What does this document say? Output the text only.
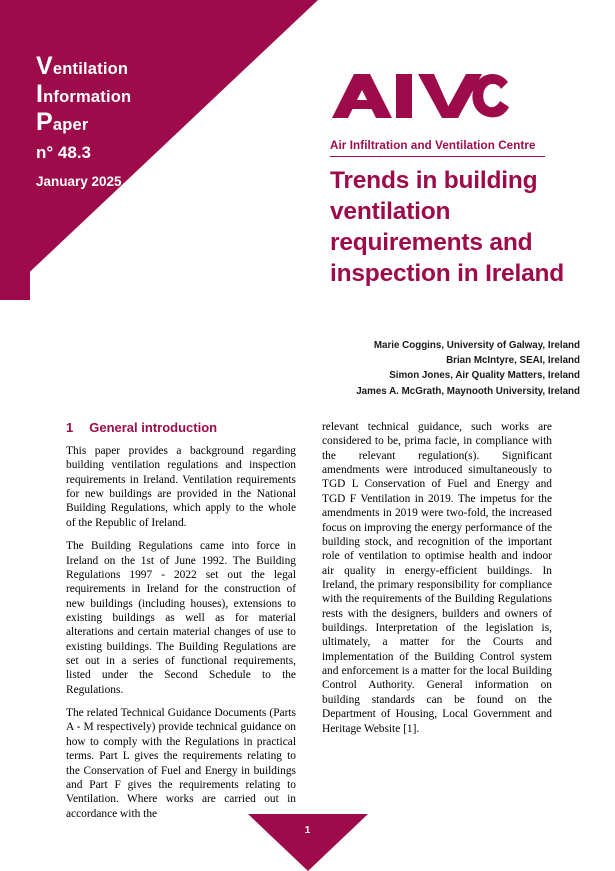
Ventilation
Information
Paper
n° 48.3
January 2025
© INIVE vzw
Operating Agent
and Management
Sint-Pietersnieuwstraat 41,
B-9000 Ghent – Belgium
www.inive.org
International Energy Agency's Energy
in Buildings and Communities
Programme
Air Infiltration and Ventilation Centre
Trends in building ventilation requirements and inspection in Ireland
Marie Coggins, University of Galway, Ireland
Brian McIntyre, SEAI, Ireland
Simon Jones, Air Quality Matters, Ireland
James A. McGrath, Maynooth University, Ireland
1 General introduction

This paper provides a background regarding building ventilation regulations and inspection requirements in Ireland. Ventilation requirements for new buildings are provided in the National Building Regulations, which apply to the whole of the Republic of Ireland.

The Building Regulations came into force in Ireland on the 1st of June 1992. The Building Regulations 1997 - 2022 set out the legal requirements in Ireland for the construction of new buildings (including houses), extensions to existing buildings as well as for material alterations and certain material changes of use to existing buildings. The Building Regulations are set out in a series of functional requirements, listed under the Second Schedule to the Regulations.

The related Technical Guidance Documents (Parts A - M respectively) provide technical guidance on how to comply with the Regulations in practical terms. Part L gives the requirements relating to the Conservation of Fuel and Energy in buildings and Part F gives the requirements relating to Ventilation. Where works are carried out in accordance with the

relevant technical guidance, such works are considered to be, prima facie, in compliance with the relevant regulation(s). Significant amendments were introduced simultaneously to TGD L Conservation of Fuel and Energy and TGD F Ventilation in 2019. The impetus for the amendments in 2019 were two-fold, the increased focus on improving the energy performance of the building stock, and recognition of the important role of ventilation to optimise health and indoor air quality in energy-efficient buildings. In Ireland, the primary responsibility for compliance with the requirements of the Building Regulations rests with the designers, builders and owners of buildings. Interpretation of the legislation is, ultimately, a matter for the Courts and implementation of the Building Control system and enforcement is a matter for the local Building Control Authority. General information on building standards can be found on the Department of Housing, Local Government and Heritage Website [1].

1
